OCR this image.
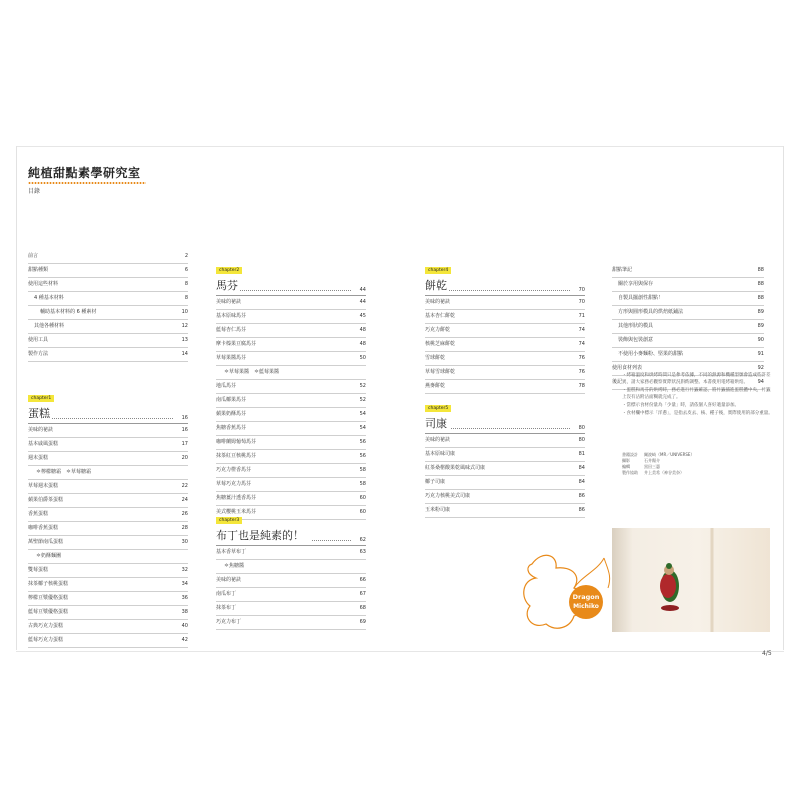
純植甜點素學研究室
目錄
前言	2
甜點種類	6
使用這些材料	8
4 種基本材料	8
輔助基本材料的 6 種素材	10
其他各種材料	12
使用工具	13
製作方法	14
chapter1
蛋糕	16
美味的祕訣	16
基本戚風蛋糕	17
週末蛋糕	20
＊檸檬糖霜　＊草莓糖霜
草莓週末蛋糕	22
蘋果伯爵茶蛋糕	24
香蕉蛋糕	26
咖啡香蕉蛋糕	28
萬聖節南瓜蛋糕	30
＊奶酥麵團
雙莓蛋糕	32
抹茶椰子核桃蛋糕	34
檸檬豆漿優格蛋糕	36
藍莓豆漿優格蛋糕	38
古典巧克力蛋糕	40
藍莓巧克力蛋糕	42
chapter2
馬芬	44
美味的祕訣	44
基本原味馬芬	45
藍莓杏仁馬芬	48
摩卡榛果豆腐馬芬	48
草莓果醬馬芬	50
＊草莓果醬　＊藍莓果醬
地瓜馬芬	52
南瓜椰果馬芬	52
蘋果奶酥馬芬	54
焦糖香蕉馬芬	54
咖啡蘭姆葡萄馬芬	56
抹茶紅豆核桃馬芬	56
巧克力橙香馬芬	58
草莓巧克力馬芬	58
焦糖薑汁透香馬芬	60
美式櫻桃玉米馬芬	60
chapter3
布丁也是純素的！	62
基本香草布丁	63
＊焦糖醬
美味的祕訣	66
南瓜布丁	67
抹茶布丁	68
巧克力布丁	69
chapter4
餅乾	70
美味的祕訣	70
基本杏仁餅乾	71
巧克力餅乾	74
核桃芝麻餅乾	74
雪球餅乾	76
草莓雪球餅乾	76
燕麥餅乾	78
chapter5
司康	80
美味的祕訣	80
基本原味司康	81
紅茶桑椹酸果乾風味式司康	84
椰子司康	84
巧克力核桃美式司康	86
玉米粉司康	86
甜點筆記	88
關於享用與保存	88
自製具擺創性甜點！	88
方形與圓形模具的烘焙紙鋪法	89
其他形狀的模具	89
裝飾與包裝創意	90
不使用小麥麵粉、堅果的甜點	91
使用食材列表	92
後記	94
・烤箱溫度和烘烤時間只是參考依據，不同的熱源和機種型號會造成些許差異，請大家務必觀察實際狀況斟酌調整。本書使用電烤箱烘焙。
・蛋糕和馬芬的烘烤時，務必進行竹籤確認，將竹籤插進蛋糕體中央，竹籤上沒有沾附沾面糊就完成了。
・當標示食材份量為「少量」時，請依個人喜好適量添加。
・食材欄中標示「洋蔥」，是指去皮去、核、種子後，實際使用的部分重量。
書籍設計	關波崎（MR／UNIVERSE）
攝影	石井陽介
編輯	黑田三惠
製作協助	井上美希（神谷美奈）
Dragon
Michiko
4/5
